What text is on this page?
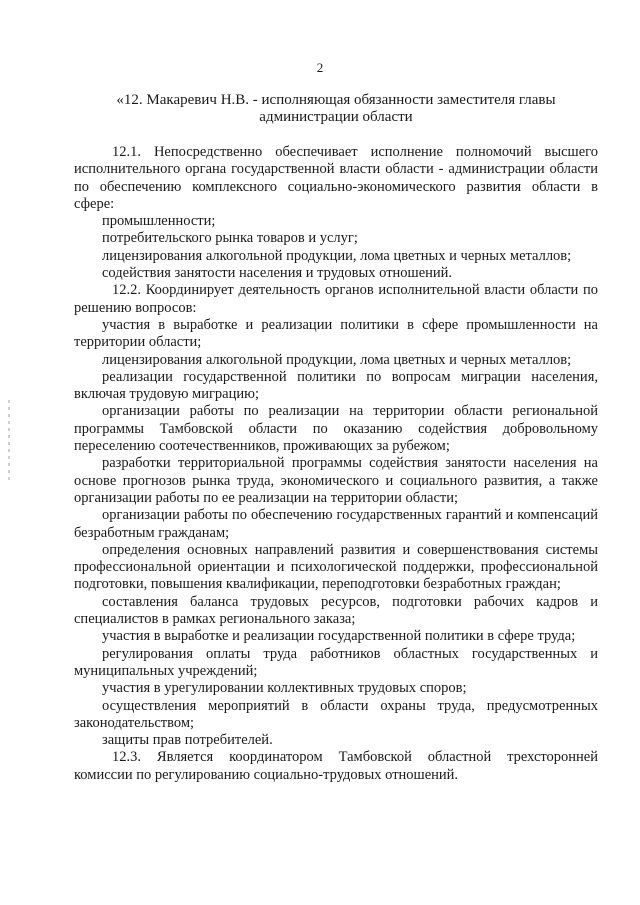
2
«12. Макаревич Н.В. - исполняющая обязанности заместителя главы
администрации области

12.1. Непосредственно обеспечивает исполнение полномочий высшего исполнительного органа государственной власти области - администрации области по обеспечению комплексного социально-экономического развития области в сфере:

промышленности;

потребительского рынка товаров и услуг;

лицензирования алкогольной продукции, лома цветных и черных металлов;

содействия занятости населения и трудовых отношений.

12.2. Координирует деятельность органов исполнительной власти области по решению вопросов:

участия в выработке и реализации политики в сфере промышленности на территории области;

лицензирования алкогольной продукции, лома цветных и черных металлов;

реализации государственной политики по вопросам миграции населения, включая трудовую миграцию;

организации работы по реализации на территории области региональной программы Тамбовской области по оказанию содействия добровольному переселению соотечественников, проживающих за рубежом;

разработки территориальной программы содействия занятости населения на основе прогнозов рынка труда, экономического и социального развития, а также организации работы по ее реализации на территории области;

организации работы по обеспечению государственных гарантий и компенсаций безработным гражданам;

определения основных направлений развития и совершенствования системы профессиональной ориентации и психологической поддержки, профессиональной подготовки, повышения квалификации, переподготовки безработных граждан;

составления баланса трудовых ресурсов, подготовки рабочих кадров и специалистов в рамках регионального заказа;

участия в выработке и реализации государственной политики в сфере труда;

регулирования оплаты труда работников областных государственных и муниципальных учреждений;

участия в урегулировании коллективных трудовых споров;

осуществления мероприятий в области охраны труда, предусмотренных законодательством;

защиты прав потребителей.

12.3. Является координатором Тамбовской областной трехсторонней комиссии по регулированию социально-трудовых отношений.
